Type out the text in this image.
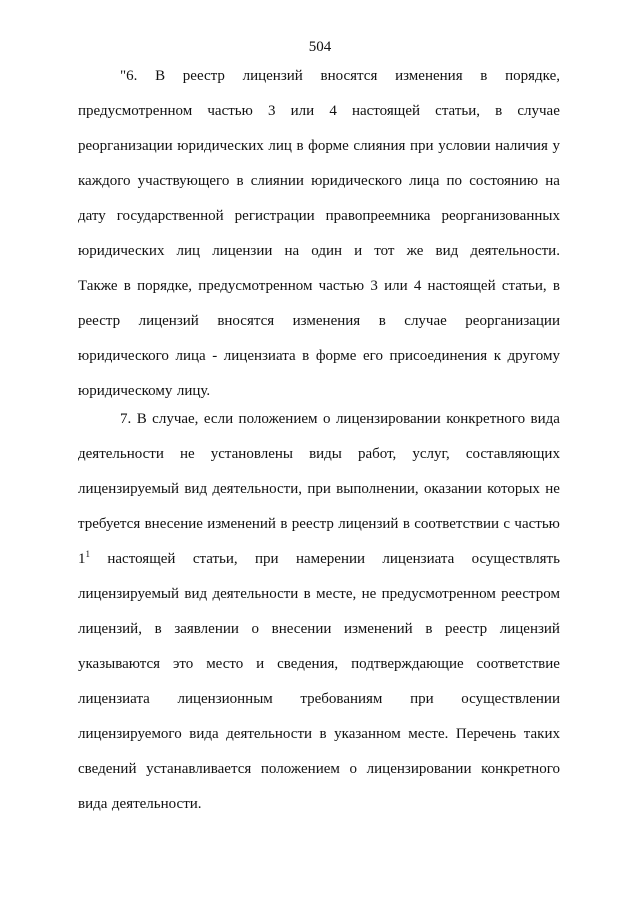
504
"6. В реестр лицензий вносятся изменения в порядке,
предусмотренном частью 3 или 4 настоящей статьи, в случае
реорганизации юридических лиц в форме слияния при условии наличия у
каждого участвующего в слиянии юридического лица по состоянию на
дату государственной регистрации правопреемника реорганизованных
юридических лиц лицензии на один и тот же вид деятельности.
Также в порядке, предусмотренном частью 3 или 4 настоящей статьи, в
реестр лицензий вносятся изменения в случае реорганизации
юридического лица - лицензиата в форме его присоединения к другому
юридическому лицу.
7. В случае, если положением о лицензировании конкретного вида
деятельности не установлены виды работ, услуг, составляющих
лицензируемый вид деятельности, при выполнении, оказании которых не
требуется внесение изменений в реестр лицензий в соответствии с частью
$1^1$ настоящей статьи, при намерении лицензиата осуществлять
лицензируемый вид деятельности в месте, не предусмотренном реестром
лицензий, в заявлении о внесении изменений в реестр лицензий
указываются это место и сведения, подтверждающие соответствие
лицензиата лицензионным требованиям при осуществлении
лицензируемого вида деятельности в указанном месте. Перечень таких
сведений устанавливается положением о лицензировании конкретного
вида деятельности.
